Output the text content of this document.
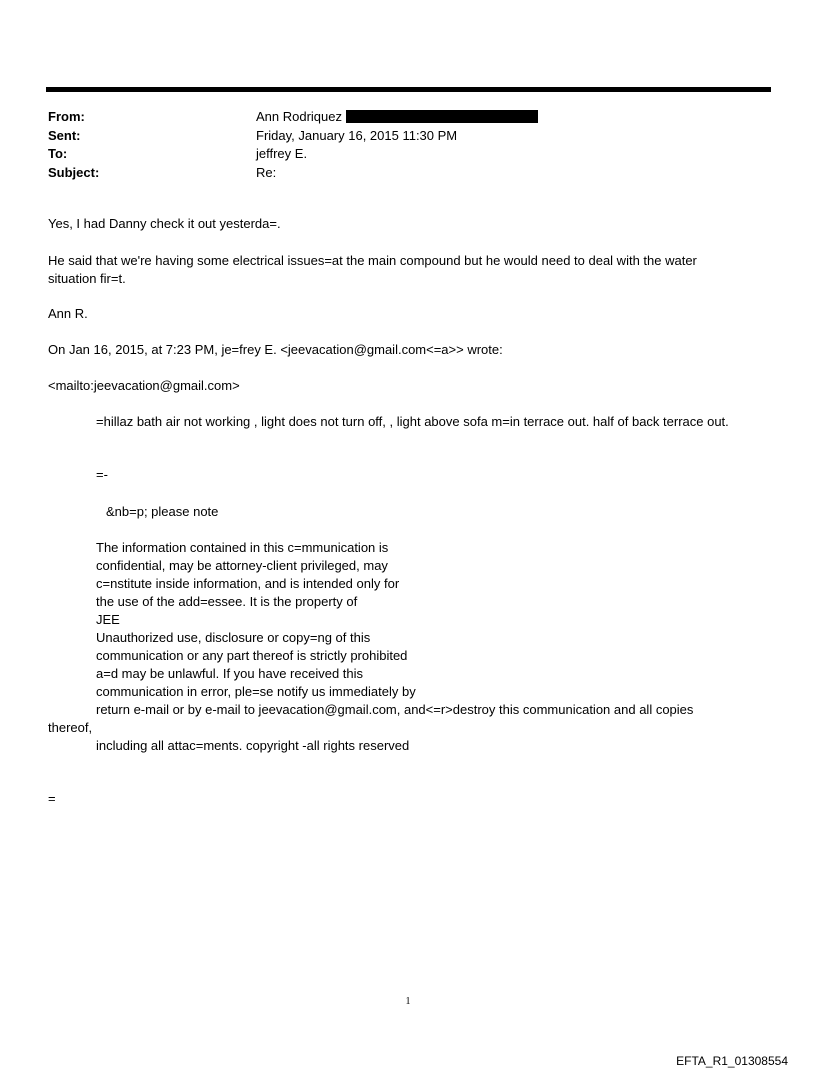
From:	Ann Rodriquez
Sent:	Friday, January 16, 2015 11:30 PM
To:	jeffrey E.
Subject:	Re:
Yes, I had Danny check it out yesterda=.
He said that we're having some electrical issues=at the main compound but he would need to deal with the water
situation fir=t.
Ann R.
On Jan 16, 2015, at 7:23 PM, je=frey E. <jeevacation@gmail.com<=a>> wrote:
<mailto:jeevacation@gmail.com>
=hillaz bath air not working , light does not turn off, , light above sofa m=in terrace out. half of back terrace out.
=-
&nb=p; please note
The information contained in this c=mmunication is
confidential, may be attorney-client privileged, may
c=nstitute inside information, and is intended only for
the use of the add=essee. It is the property of
JEE
Unauthorized use, disclosure or copy=ng of this
communication or any part thereof is strictly prohibited
a=d may be unlawful. If you have received this
communication in error, ple=se notify us immediately by
return e-mail or by e-mail to jeevacation@gmail.com, and<=r>destroy this communication and all copies
thereof,
including all attac=ments. copyright -all rights reserved
=
1
EFTA_R1_01308554
